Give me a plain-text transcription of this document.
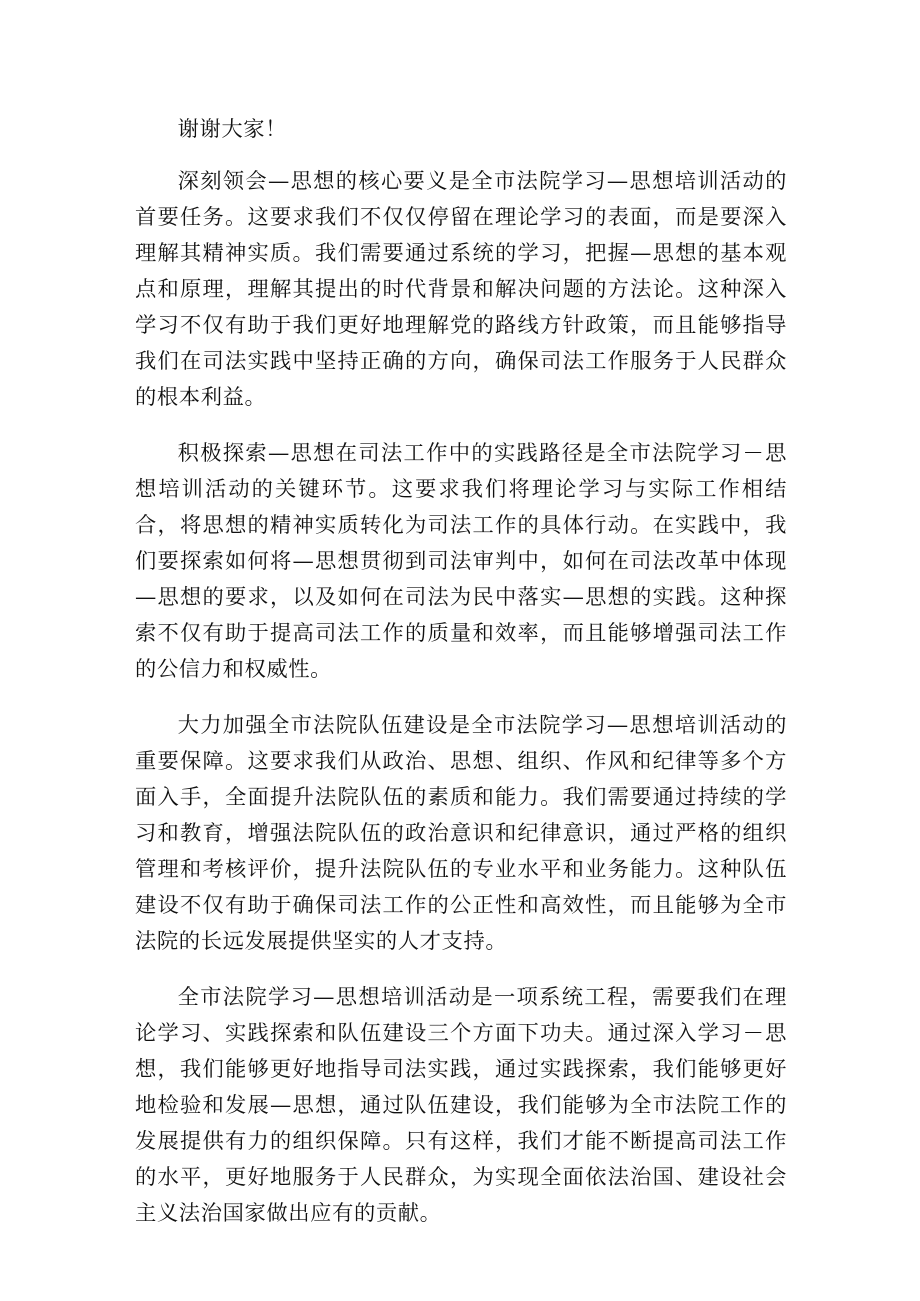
谢谢大家！

深刻领会—思想的核心要义是全市法院学习—思想培训活动的首要任务。这要求我们不仅仅停留在理论学习的表面，而是要深入理解其精神实质。我们需要通过系统的学习，把握—思想的基本观点和原理，理解其提出的时代背景和解决问题的方法论。这种深入学习不仅有助于我们更好地理解党的路线方针政策，而且能够指导我们在司法实践中坚持正确的方向，确保司法工作服务于人民群众的根本利益。

积极探索—思想在司法工作中的实践路径是全市法院学习－思想培训活动的关键环节。这要求我们将理论学习与实际工作相结合，将思想的精神实质转化为司法工作的具体行动。在实践中，我们要探索如何将—思想贯彻到司法审判中，如何在司法改革中体现—思想的要求，以及如何在司法为民中落实—思想的实践。这种探索不仅有助于提高司法工作的质量和效率，而且能够增强司法工作的公信力和权威性。

大力加强全市法院队伍建设是全市法院学习—思想培训活动的重要保障。这要求我们从政治、思想、组织、作风和纪律等多个方面入手，全面提升法院队伍的素质和能力。我们需要通过持续的学习和教育，增强法院队伍的政治意识和纪律意识，通过严格的组织管理和考核评价，提升法院队伍的专业水平和业务能力。这种队伍建设不仅有助于确保司法工作的公正性和高效性，而且能够为全市法院的长远发展提供坚实的人才支持。

全市法院学习—思想培训活动是一项系统工程，需要我们在理论学习、实践探索和队伍建设三个方面下功夫。通过深入学习－思想，我们能够更好地指导司法实践，通过实践探索，我们能够更好地检验和发展—思想，通过队伍建设，我们能够为全市法院工作的发展提供有力的组织保障。只有这样，我们才能不断提高司法工作的水平，更好地服务于人民群众，为实现全面依法治国、建设社会主义法治国家做出应有的贡献。
